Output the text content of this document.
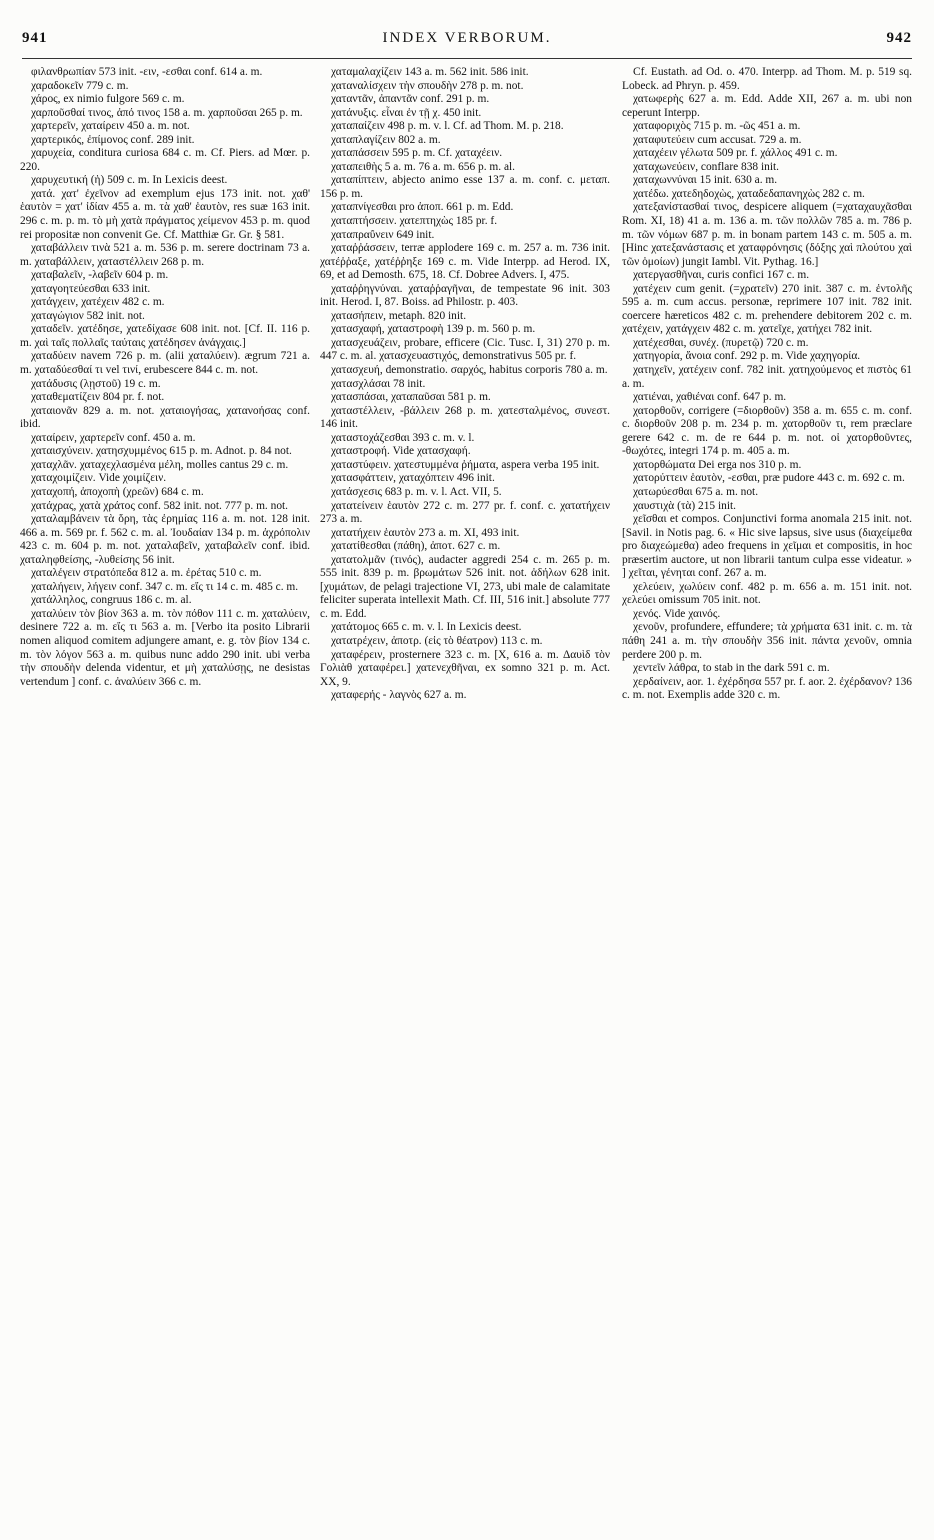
941	INDEX VERBORUM.	942

φιλανθρωπίαν 573 init. -ειν, -εσθαι conf. 614 a. m.

χαραδοκεῖν 779 c. m.

χάρος, ex nimio fulgore 569 c. m.

χαρποῦσθαί τινος, ἀπό τινος 158 a. m. χαρποῦσαι 265 p. m.

χαρτερεῖν, χαταίρειν 450 a. m. not.

χαρτερικός, ἐπίμονος conf. 289 init.

χαρυχεία, conditura curiosa 684 c. m. Cf. Piers. ad Mœr. p. 220.

χαρυχευτική (ἡ) 509 c. m. In Lexicis deest.

χατά. χατ' ἐχεῖνον ad exemplum ejus 173 init. not. χαθ' ἑαυτὸν = χατ' ἰδίαν 455 a. m. τὰ χαθ' ἑαυτὸν, res suæ 163 init. 296 c. m. p. m. τὸ μὴ χατὰ πράγματος χείμενον 453 p. m. quod rei propositæ non convenit Ge. Cf. Matthiæ Gr. Gr. § 581.

χαταβάλλειν τινὰ 521 a. m. 536 p. m. serere doctrinam 73 a. m. χαταβάλλειν, χαταστέλλειν 268 p. m.

χαταβαλεῖν, -λαβεῖν 604 p. m.

χαταγοητεύεσθαι 633 init.

χατάγχειν, χατέχειν 482 c. m.

χαταγώγιον 582 init. not.

χαταδεῖν. χατέδησε, χατεδίχασε 608 init. not. [Cf. II. 116 p. m. χαὶ ταῖς πολλαῖς ταύταις χατέδησεν ἀνάγχαις.]

χαταδύειν navem 726 p. m. (alii χαταλύειν). ægrum 721 a. m. χαταδύεσθαί τι vel τινί, erubescere 844 c. m. not.

χατάδυσις (λῃστοῦ) 19 c. m.

χαταθεματίζειν 804 pr. f. not.

χαταιονᾶν 829 a. m. not. χαταιογήσας, χατανοήσας conf. ibid.

χαταίρειν, χαρτερεῖν conf. 450 a. m.

χαταισχύνειν. χατησχυμμένος 615 p. m. Adnot. p. 84 not.

χαταχλᾶν. χαταχεχλασμένα μέλη, molles cantus 29 c. m.

χαταχοιμίζειν. Vide χοιμίζειν.

χαταχοπή, ἀποχοπὴ (χρεῶν) 684 c. m.

χατάχρας, χατὰ χράτος conf. 582 init. not. 777 p. m. not.

χαταλαμβάνειν τὰ ὄρη, τὰς ἐρημίας 116 a. m. not. 128 init. 466 a. m. 569 pr. f. 562 c. m. al. Ἰουδαίαν 134 p. m. ἀχρόπολιν 423 c. m. 604 p. m. not. χαταλαβεῖν, χαταβαλεῖν conf. ibid. χαταληφθείσης, -λυθείσης 56 init.

χαταλέγειν στρατόπεδα 812 a. m. ἐρέτας 510 c. m.

χαταλήγειν, λήγειν conf. 347 c. m. εἴς τι 14 c. m. 485 c. m.

χατάλληλος, congruus 186 c. m. al.

χαταλύειν τὸν βίον 363 a. m. τὸν πόθον 111 c. m. χαταλύειν, desinere 722 a. m. εἴς τι 563 a. m. [Verbo ita posito Librarii nomen aliquod comitem adjungere amant, e. g. τὸν βίον 134 c. m. τὸν λόγον 563 a. m. quibus nunc addo 290 init. ubi verba τὴν σπουδὴν delenda videntur, et μὴ χαταλύσῃς, ne desistas vertendum ] conf. c. ἀναλύειν 366 c. m.

χαταμαλαχίζειν 143 a. m. 562 init. 586 init.

χαταναλίσχειν τὴν σπουδὴν 278 p. m. not.

χαταντᾶν, ἀπαντᾶν conf. 291 p. m.

χατάνυξις. εἶναι ἐν τῇ χ. 450 init.

χαταπαίζειν 498 p. m. v. l. Cf. ad Thom. M. p. 218.

χαταπλαγίζειν 802 a. m.

χαταπάσσειν 595 p. m. Cf. χαταχέειν.

χαταπειθὴς 5 a. m. 76 a. m. 656 p. m. al.

χαταπίπτειν, abjecto animo esse 137 a. m. conf. c. μεταπ. 156 p. m.

χαταπνίγεσθαι pro ἀποπ. 661 p. m. Edd.

χαταπτήσσειν. χατεπτηχὼς 185 pr. f.

χαταπραΰνειν 649 init.

χαταῤῥάσσειν, terræ applodere 169 c. m. 257 a. m. 736 init. χατέῤῥαξε, χατέῤῥηξε 169 c. m. Vide Interpp. ad Herod. IX, 69, et ad Demosth. 675, 18. Cf. Dobree Advers. I, 475.

χαταῤῥηγνύναι. χαταῤῥαγῆναι, de tempestate 96 init. 303 init. Herod. I, 87. Boiss. ad Philostr. p. 403.

χατασήπειν, metaph. 820 init.

χατασχαφή, χαταστροφὴ 139 p. m. 560 p. m.

χατασχευάζειν, probare, efficere (Cic. Tusc. I, 31) 270 p. m. 447 c. m. al. χατασχευαστιχός, demonstrativus 505 pr. f.

χατασχευή, demonstratio. σαρχός, habitus corporis 780 a. m.

χατασχλάσαι 78 init.

χατασπάσαι, χαταπαῦσαι 581 p. m.

χαταστέλλειν, -βάλλειν 268 p. m. χατεσταλμένος, συνεστ. 146 init.

χαταστοχάζεσθαι 393 c. m. v. l.

χαταστροφή. Vide χατασχαφή.

χαταστύφειν. χατεστυμμένα ῥήματα, aspera verba 195 init.

χατασφάττειν, χαταχόπτειν 496 init.

χατάσχεσις 683 p. m. v. l. Act. VII, 5.

χατατείνειν ἑαυτὸν 272 c. m. 277 pr. f. conf. c. χατατήχειν 273 a. m.

χατατήχειν ἑαυτὸν 273 a. m. XI, 493 init.

χατατίθεσθαι (πάθη), ἀποτ. 627 c. m.

χατατολμᾶν (τινός), audacter aggredi 254 c. m. 265 p. m. 555 init. 839 p. m. βρωμάτων 526 init. not. ἀδήλων 628 init. [χυμάτων, de pelagi trajectione VI, 273, ubi male de calamitate feliciter superata intellexit Math. Cf. III, 516 init.] absolute 777 c. m. Edd.

χατάτομος 665 c. m. v. l. In Lexicis deest.

χατατρέχειν, ἀποτρ. (εἰς τὸ θέατρον) 113 c. m.

χαταφέρειν, prosternere 323 c. m. [X, 616 a. m. Δαυὶδ τὸν Γολιὰθ χαταφέρει.] χατενεχθῆναι, ex somno 321 p. m. Act. XX, 9.

χαταφερής - λαγνὸς 627 a. m.

Cf. Eustath. ad Od. ο. 470. Interpp. ad Thom. M. p. 519 sq. Lobeck. ad Phryn. p. 459.

χατωφερὴς 627 a. m. Edd. Adde XII, 267 a. m. ubi non ceperunt Interpp.

χαταφοριχὸς 715 p. m. -ῶς 451 a. m.

χαταφυτεύειν cum accusat. 729 a. m.

χαταχέειν γέλωτα 509 pr. f. χάλλος 491 c. m.

χαταχωνεύειν, conflare 838 init.

χαταχωννύναι 15 init. 630 a. m.

χατέδω. χατεδηδοχὼς, χαταδεδαπανηχὼς 282 c. m.

χατεξανίστασθαί τινος, despicere aliquem (=χαταχαυχᾶσθαι Rom. XI, 18) 41 a. m. 136 a. m. τῶν πολλῶν 785 a. m. 786 p. m. τῶν νόμων 687 p. m. in bonam partem 143 c. m. 505 a. m. [Hinc χατεξανάστασις et χαταφρόνησις (δόξης χαὶ πλούτου χαὶ τῶν ὁμοίων) jungit Iambl. Vit. Pythag. 16.]

χατεργασθῆναι, curis confici 167 c. m.

χατέχειν cum genit. (=χρατεῖν) 270 init. 387 c. m. ἐντολῆς 595 a. m. cum accus. personæ, reprimere 107 init. 782 init. coercere hæreticos 482 c. m. prehendere debitorem 202 c. m. χατέχειν, χατάγχειν 482 c. m. χατεῖχε, χατήχει 782 init.

χατέχεσθαι, συνέχ. (πυρετῷ) 720 c. m.

χατηγορία, ἄνοια conf. 292 p. m. Vide χαχηγορία.

χατηχεῖν, χατέχειν conf. 782 init. χατηχούμενος et πιστὸς 61 a. m.

χατιέναι, χαθιέναι conf. 647 p. m.

χατορθοῦν, corrigere (=διορθοῦν) 358 a. m. 655 c. m. conf. c. διορθοῦν 208 p. m. 234 p. m. χατορθοῦν τι, rem præclare gerere 642 c. m. de re 644 p. m. not. οἱ χατορθοῦντες, -θωχότες, integri 174 p. m. 405 a. m.

χατορθώματα Dei erga nos 310 p. m.

χατορύττειν ἑαυτὸν, -εσθαι, præ pudore 443 c. m. 692 c. m.

χατωρύεσθαι 675 a. m. not.

χαυστιχὰ (τὰ) 215 init.

χεῖσθαι et compos. Conjunctivi forma anomala 215 init. not. [Savil. in Notis pag. 6. « Hic sive lapsus, sive usus (διαχείμεθα pro διαχεώμεθα) adeo frequens in χεῖμαι et compositis, in hoc præsertim auctore, ut non librarii tantum culpa esse videatur. » ] χεῖται, γένηται conf. 267 a. m.

χελεύειν, χωλύειν conf. 482 p. m. 656 a. m. 151 init. not. χελεύει omissum 705 init. not.

χενός. Vide χαινός.

χενοῦν, profundere, effundere; τὰ χρήματα 631 init. c. m. τὰ πάθη 241 a. m. τὴν σπουδὴν 356 init. πάντα χενοῦν, omnia perdere 200 p. m.

χεντεῖν λάθρα, to stab in the dark 591 c. m.

χερδαίνειν, aor. 1. ἐχέρδησα 557 pr. f. aor. 2. ἐχέρδανον? 136 c. m. not. Exemplis adde 320 c. m.
